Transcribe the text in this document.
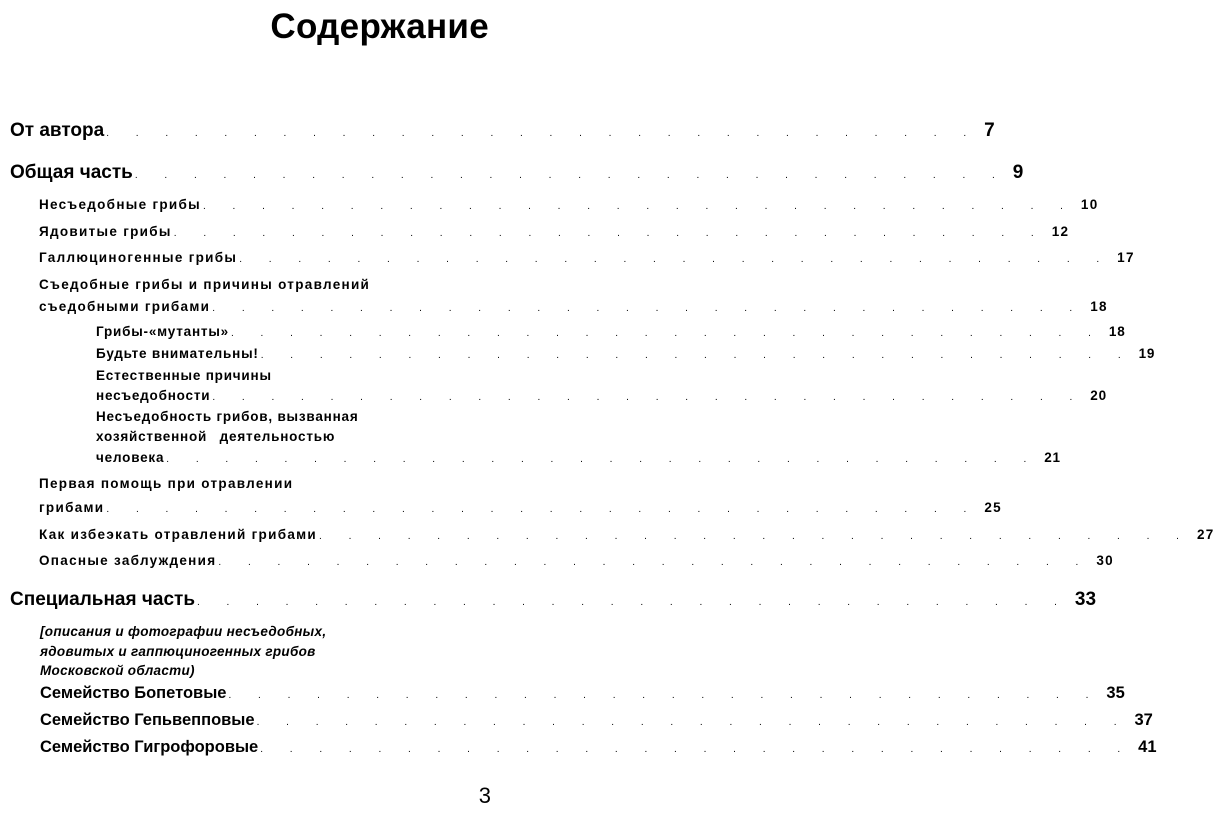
Содержание
От автора . . . . . . . . . . . . . . . . . . . . . . . . . . . . . . 7
Общая часть . . . . . . . . . . . . . . . . . . . . . . . . . . . . . . 9
Несъедобные грибы . . . . . . . . . . . . . . . . . . . . . . . . . . . . . . 10
Ядовитые грибы . . . . . . . . . . . . . . . . . . . . . . . . . . . . . . 12
Галлюциногенные грибы . . . . . . . . . . . . . . . . . . . . . . . . . . . . . . 17
Съедобные грибы и причины отравлений
съедобными грибами . . . . . . . . . . . . . . . . . . . . . . . . . . . . . . 18
Грибы-«мутанты» . . . . . . . . . . . . . . . . . . . . . . . . . . . . . . 18
Будьте внимательны! . . . . . . . . . . . . . . . . . . . . . . . . . . . . . . 19
Естественные причины
несъедобности . . . . . . . . . . . . . . . . . . . . . . . . . . . . . . 20
Несъедобность грибов, вызванная
хозяйственной деятельностью
человека . . . . . . . . . . . . . . . . . . . . . . . . . . . . . . 21
Первая помощь при отравлении
грибами . . . . . . . . . . . . . . . . . . . . . . . . . . . . . . 25
Как избеэкать отравлений грибами . . . . . . . . . . . . . . . . . . . . . . . . . . . . . . 27
Опасные заблуждения . . . . . . . . . . . . . . . . . . . . . . . . . . . . . . 30
Специальная часть . . . . . . . . . . . . . . . . . . . . . . . . . . . . . . 33
[описания и фотографии несъедобных,
ядовитых и гаппюциногенных грибов
Московской области)
Семейство Бопетовые . . . . . . . . . . . . . . . . . . . . . . . . . . . . . . 35
Семейство Гепьвепповые . . . . . . . . . . . . . . . . . . . . . . . . . . . . . . 37
Семейство Гигрофоровые . . . . . . . . . . . . . . . . . . . . . . . . . . . . . . 41
3
